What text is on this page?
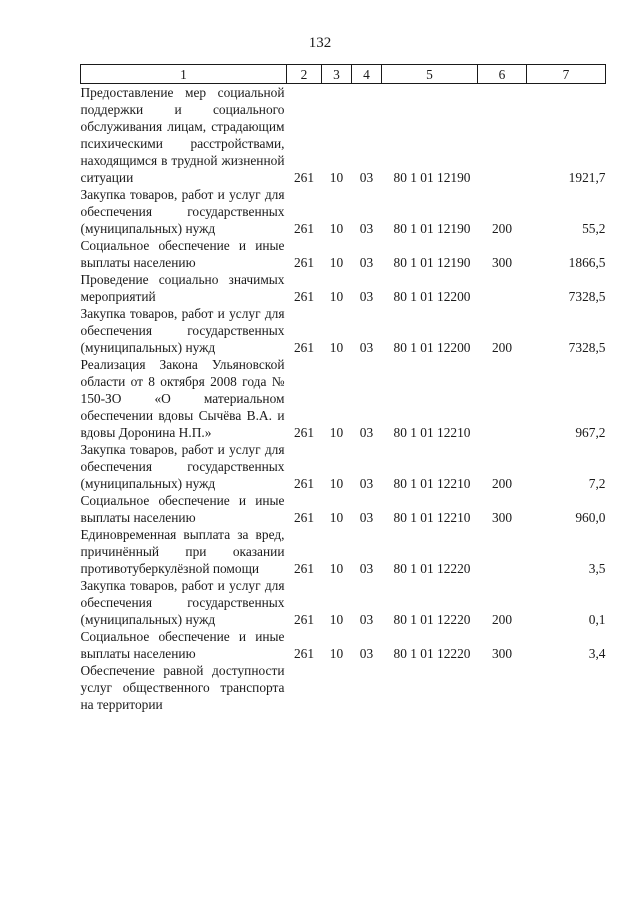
132
1	2	3	4	5	6	7
Предоставление мер социальной поддержки и социального обслуживания лицам, страдающим психическими расстройствами, находящимся в трудной жизненной ситуации	261	10	03	80 1 01 12190		1921,7
Закупка товаров, работ и услуг для обеспечения государственных (муниципальных) нужд	261	10	03	80 1 01 12190	200	55,2
Социальное обеспечение и иные выплаты населению	261	10	03	80 1 01 12190	300	1866,5
Проведение социально значимых мероприятий	261	10	03	80 1 01 12200		7328,5
Закупка товаров, работ и услуг для обеспечения государственных (муниципальных) нужд	261	10	03	80 1 01 12200	200	7328,5
Реализация Закона Ульяновской области от 8 октября 2008 года № 150-ЗО «О материальном обеспечении вдовы Сычёва В.А. и вдовы Доронина Н.П.»	261	10	03	80 1 01 12210		967,2
Закупка товаров, работ и услуг для обеспечения государственных (муниципальных) нужд	261	10	03	80 1 01 12210	200	7,2
Социальное обеспечение и иные выплаты населению	261	10	03	80 1 01 12210	300	960,0
Единовременная выплата за вред, причинённый при оказании противотуберкулёзной помощи	261	10	03	80 1 01 12220		3,5
Закупка товаров, работ и услуг для обеспечения государственных (муниципальных) нужд	261	10	03	80 1 01 12220	200	0,1
Социальное обеспечение и иные выплаты населению	261	10	03	80 1 01 12220	300	3,4
Обеспечение равной доступности услуг общественного транспорта на территории						
